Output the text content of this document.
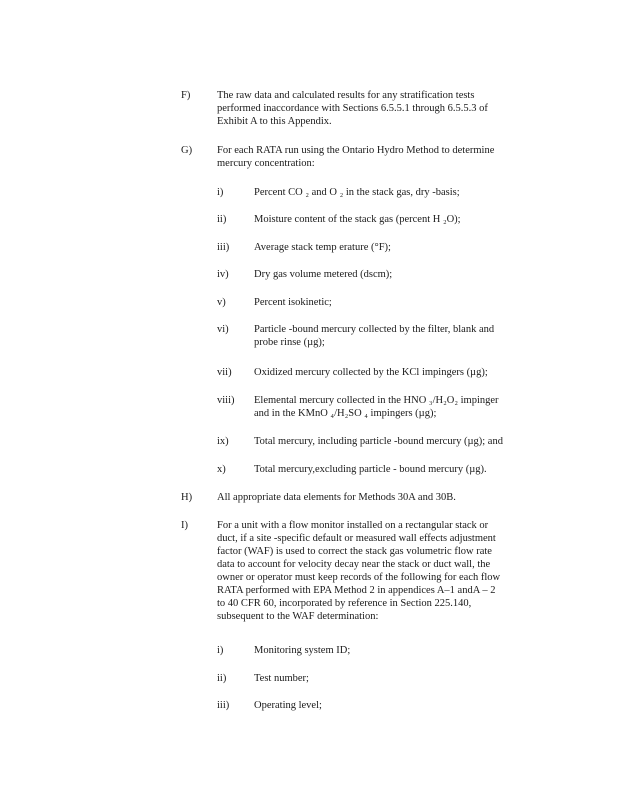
F)	The raw data and calculated results for any stratification tests
performed inaccordance with Sections 6.5.5.1 through 6.5.5.3 of
Exhibit A to this Appendix.
G) For each RATA run using the Ontario Hydro Method to determine
mercury concentration:
i)	Percent CO ₂ and O ₂ in the stack gas, dry -basis;
ii)	Moisture content of the stack gas (percent H ₂O);
iii) Average stack temp erature (°F);
iv) Dry gas volume metered (dscm);
v)	Percent isokinetic;
vi) Particle -bound mercury collected by the filter, blank and
probe rinse (µg);
vii) Oxidized mercury collected by the KCl impingers (µg);
viii) Elemental mercury collected in the HNO ₃/H₂O₂ impinger
and in the KMnO ₄/H₂SO ₄ impingers (µg);
ix) Total mercury, including particle -bound mercury (µg); and
x)	Total mercury,excluding particle - bound mercury (µg).
H) All appropriate data elements for Methods 30A and 30B.
I)	For a unit with a flow monitor installed on a rectangular stack or
duct, if a site -specific default or measured wall effects adjustment
factor (WAF) is used to correct the stack gas volumetric flow rate
data to account for velocity decay near the stack or duct wall, the
owner or operator must keep records of the following for each flow
RATA performed with EPA Method 2 in appendices A–1 andA – 2
to 40 CFR 60, incorporated by reference in Section 225.140,
subsequent to the WAF determination:
i)	Monitoring system ID;
ii)	Test number;
iii) Operating level;
